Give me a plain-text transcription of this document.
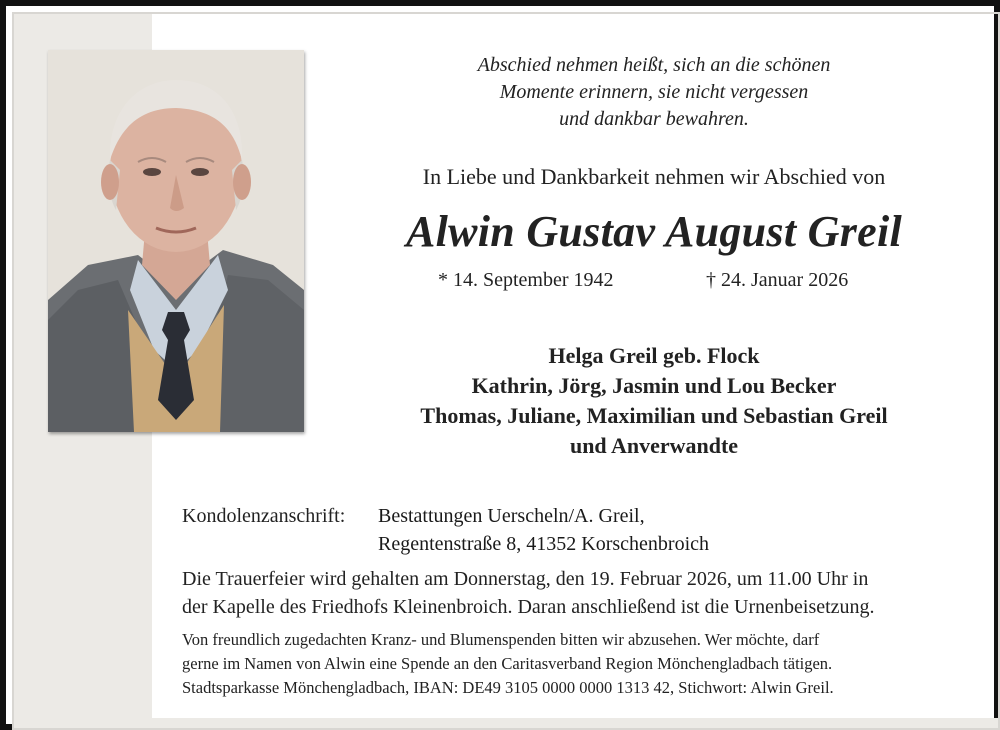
Abschied nehmen heißt, sich an die schönen
Momente erinnern, sie nicht vergessen
und dankbar bewahren.
In Liebe und Dankbarkeit nehmen wir Abschied von
Alwin Gustav August Greil
* 14. September 1942	† 24. Januar 2026
Helga Greil geb. Flock
Kathrin, Jörg, Jasmin und Lou Becker
Thomas, Juliane, Maximilian und Sebastian Greil
und Anverwandte
Kondolenzanschrift: Bestattungen Uerscheln/A. Greil,
Regentenstraße 8, 41352 Korschenbroich
Die Trauerfeier wird gehalten am Donnerstag, den 19. Februar 2026, um 11.00 Uhr in
der Kapelle des Friedhofs Kleinenbroich. Daran anschließend ist die Urnenbeisetzung.
Von freundlich zugedachten Kranz- und Blumenspenden bitten wir abzusehen. Wer möchte, darf
gerne im Namen von Alwin eine Spende an den Caritasverband Region Mönchengladbach tätigen.
Stadtsparkasse Mönchengladbach, IBAN: DE49 3105 0000 0000 1313 42, Stichwort: Alwin Greil.
